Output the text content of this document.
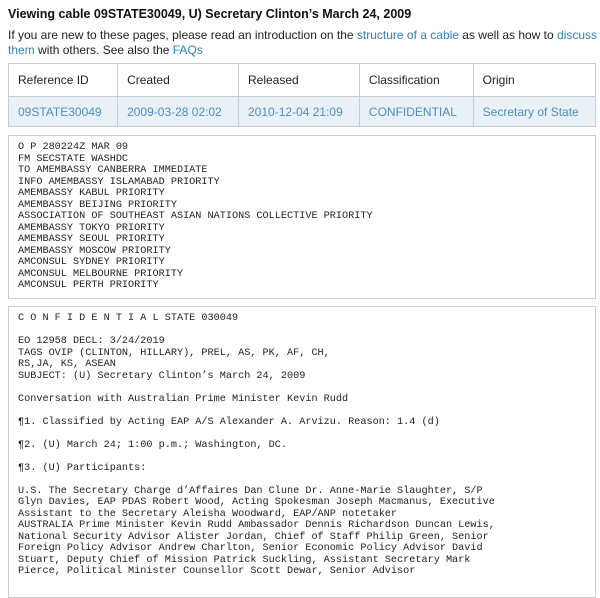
Viewing cable 09STATE30049, U) Secretary Clinton’s March 24, 2009
If you are new to these pages, please read an introduction on the structure of a cable as well as how to discuss them with others. See also the FAQs
Reference ID	Created	Released	Classification	Origin
09STATE30049	2009-03-28 02:02	2010-12-04 21:09	CONFIDENTIAL	Secretary of State
O P 280224Z MAR 09
FM SECSTATE WASHDC
TO AMEMBASSY CANBERRA IMMEDIATE
INFO AMEMBASSY ISLAMABAD PRIORITY
AMEMBASSY KABUL PRIORITY
AMEMBASSY BEIJING PRIORITY
ASSOCIATION OF SOUTHEAST ASIAN NATIONS COLLECTIVE PRIORITY
AMEMBASSY TOKYO PRIORITY
AMEMBASSY SEOUL PRIORITY
AMEMBASSY MOSCOW PRIORITY
AMCONSUL SYDNEY PRIORITY
AMCONSUL MELBOURNE PRIORITY
AMCONSUL PERTH PRIORITY
C O N F I D E N T I A L STATE 030049
EO 12958 DECL: 3/24/2019
TAGS OVIP (CLINTON, HILLARY), PREL, AS, PK, AF, CH,
RS,JA, KS, ASEAN
SUBJECT: (U) Secretary Clinton’s March 24, 2009
Conversation with Australian Prime Minister Kevin Rudd
¶1. Classified by Acting EAP A/S Alexander A. Arvizu. Reason: 1.4 (d)
¶2. (U) March 24; 1:00 p.m.; Washington, DC.
¶3. (U) Participants:
U.S. The Secretary Charge d’Affaires Dan Clune Dr. Anne-Marie Slaughter, S/P
Glyn Davies, EAP PDAS Robert Wood, Acting Spokesman Joseph Macmanus, Executive
Assistant to the Secretary Aleisha Woodward, EAP/ANP notetaker
AUSTRALIA Prime Minister Kevin Rudd Ambassador Dennis Richardson Duncan Lewis,
National Security Advisor Alister Jordan, Chief of Staff Philip Green, Senior
Foreign Policy Advisor Andrew Charlton, Senior Economic Policy Advisor David
Stuart, Deputy Chief of Mission Patrick Suckling, Assistant Secretary Mark
Pierce, Political Minister Counsellor Scott Dewar, Senior Advisor
